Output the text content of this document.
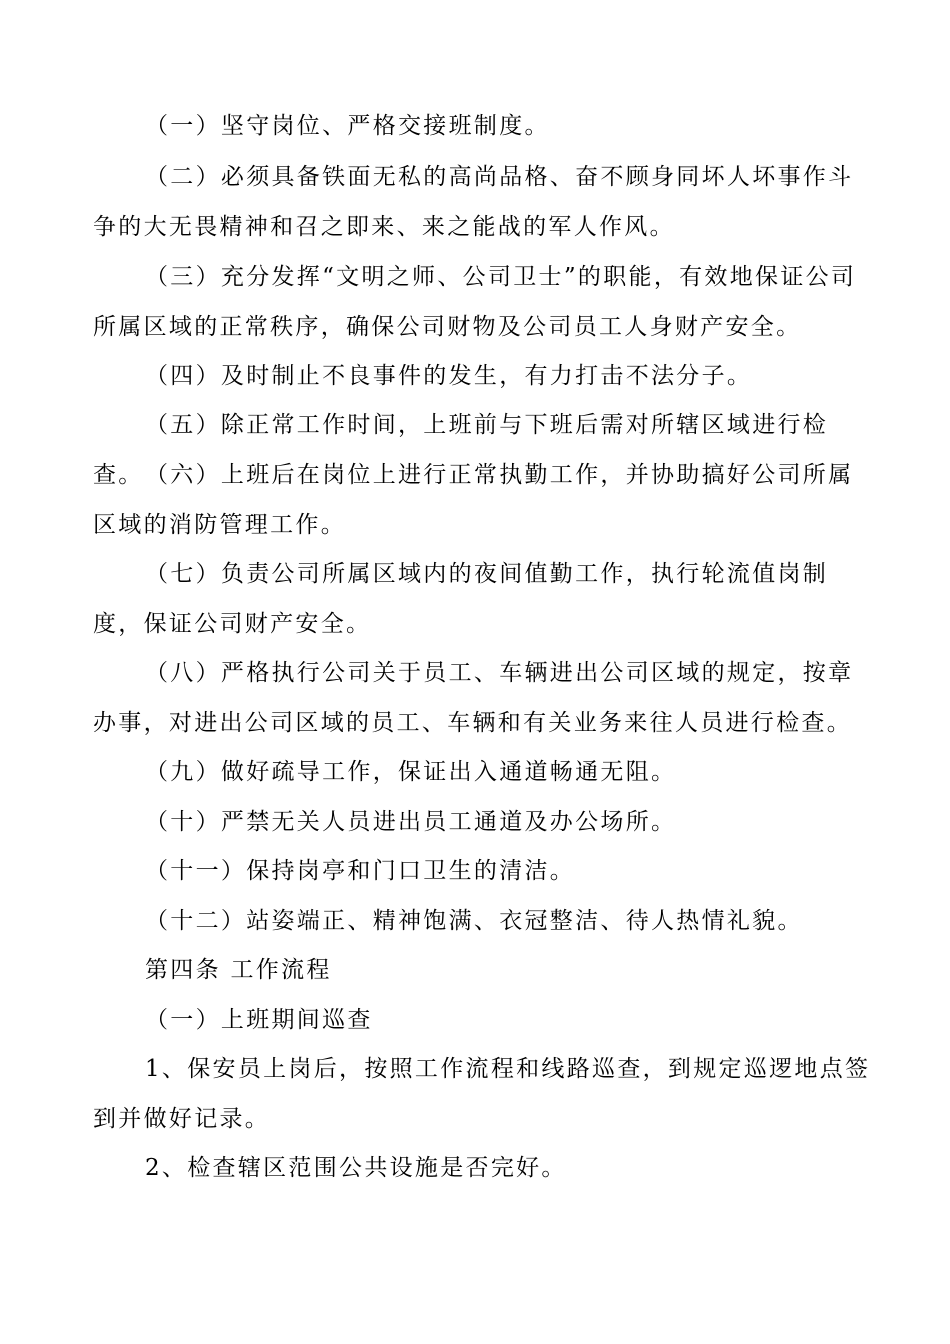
（一）坚守岗位、严格交接班制度。

（二）必须具备铁面无私的高尚品格、奋不顾身同坏人坏事作斗争的大无畏精神和召之即来、来之能战的军人作风。

（三）充分发挥“文明之师、公司卫士”的职能，有效地保证公司所属区域的正常秩序，确保公司财物及公司员工人身财产安全。

（四）及时制止不良事件的发生，有力打击不法分子。

（五）除正常工作时间，上班前与下班后需对所辖区域进行检查。 （六）上班后在岗位上进行正常执勤工作，并协助搞好公司所属区域的消防管理工作。

（七）负责公司所属区域内的夜间值勤工作，执行轮流值岗制度，保证公司财产安全。

（八）严格执行公司关于员工、车辆进出公司区域的规定，按章办事，对进出公司区域的员工、车辆和有关业务来往人员进行检查。

（九）做好疏导工作，保证出入通道畅通无阻。

（十）严禁无关人员进出员工通道及办公场所。

（十一）保持岗亭和门口卫生的清洁。

（十二）站姿端正、精神饱满、衣冠整洁、待人热情礼貌。

第四条 工作流程

（一）上班期间巡查

1、保安员上岗后，按照工作流程和线路巡查，到规定巡逻地点签到并做好记录。

2、检查辖区范围公共设施是否完好。
